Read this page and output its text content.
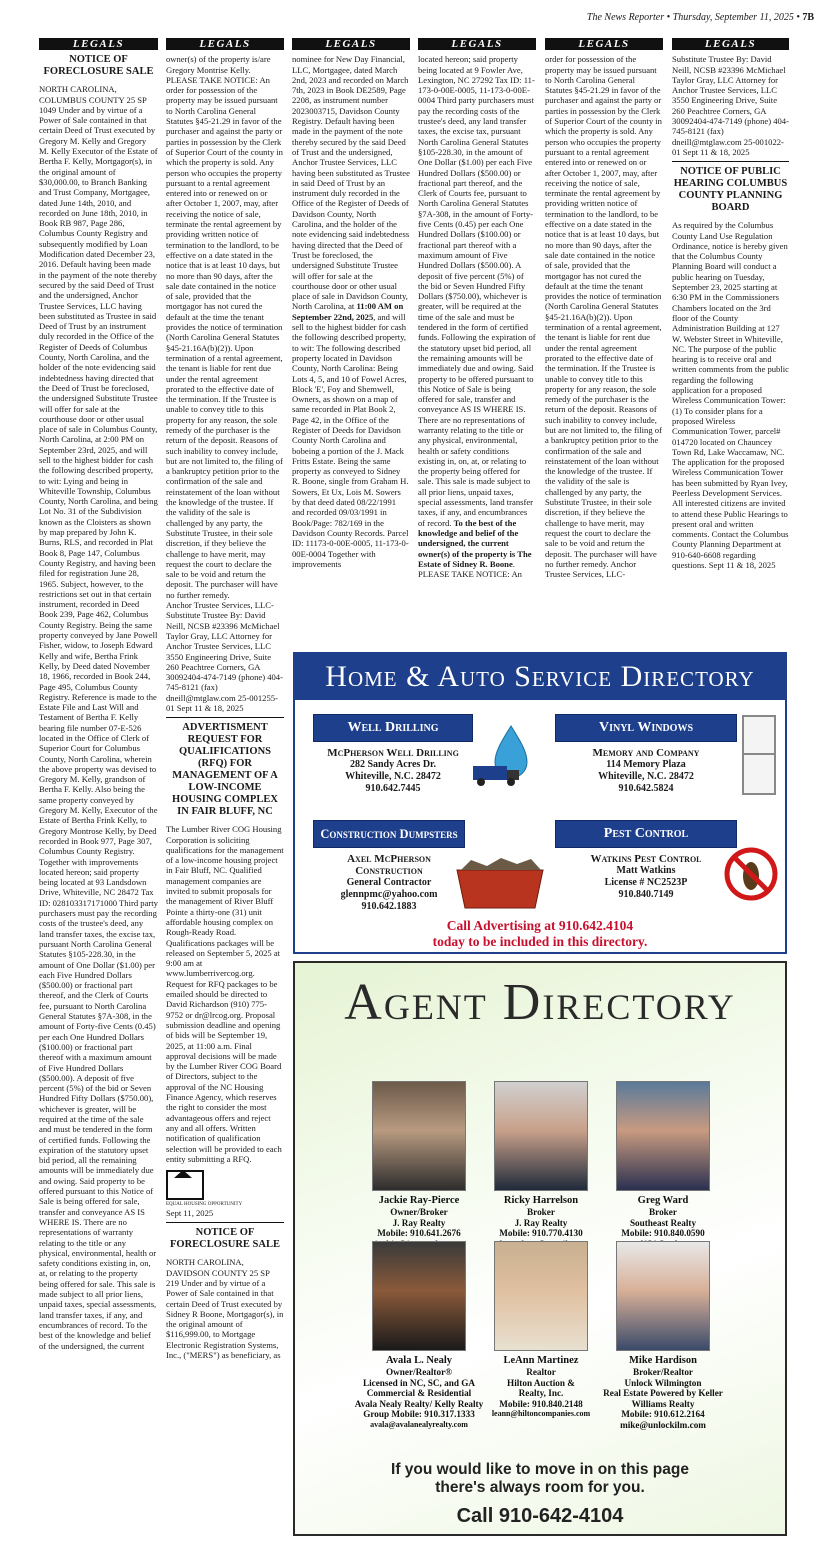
The News Reporter • Thursday, September 11, 2025 • 7B
LEGALS
NOTICE OF FORECLOSURE SALE

NORTH CAROLINA, COLUMBUS COUNTY 25 SP 1049 Under and by virtue of a Power of Sale contained in that certain Deed of Trust executed by Gregory M. Kelly and Gregory M. Kelly Executor of the Estate of Bertha F. Kelly, Mortgagor(s), in the original amount of $30,000.00, to Branch Banking and Trust Company, Mortgagee, dated June 14th, 2010, and recorded on June 18th, 2010, in Book RB 987, Page 286, Columbus County Registry and subsequently modified by Loan Modification dated December 23, 2016. Default having been made in the payment of the note thereby secured by the said Deed of Trust and the undersigned, Anchor Trustee Services, LLC having been substituted as Trustee in said Deed of Trust by an instrument duly recorded in the Office of the Register of Deeds of Columbus County, North Carolina, and the holder of the note evidencing said indebtedness having directed that the Deed of Trust be foreclosed, the undersigned Substitute Trustee will offer for sale at the courthouse door or other usual place of sale in Columbus County, North Carolina, at 2:00 PM on September 23rd, 2025, and will sell to the highest bidder for cash the following described property, to wit: Lying and being in Whiteville Township, Columbus County, North Carolina, and being Lot No. 31 of the Subdivision known as the Cloisters as shown by map prepared by John K. Burns, RLS, and recorded in Plat Book 8, Page 147, Columbus County Registry, and having been filed for registration June 28, 1965. Subject, however, to the restrictions set out in that certain instrument, recorded in Deed Book 239, Page 462, Columbus County Registry. Being the same property conveyed by Jane Powell Fisher, widow, to Joseph Edward Kelly and wife, Bertha Frink Kelly, by Deed dated November 18, 1966, recorded in Book 244, Page 495, Columbus County Registry. Reference is made to the Estate File and Last Will and Testament of Bertha F. Kelly bearing file number 07-E-526 located in the Office of Clerk of Superior Court for Columbus County, North Carolina, wherein the above property was devised to Gregory M. Kelly, grandson of Bertha F. Kelly. Also being the same property conveyed by Gregory M. Kelly, Executor of the Estate of Bertha Frink Kelly, to Gregory Montrose Kelly, by Deed recorded in Book 977, Page 307, Columbus County Registry. Together with improvements located hereon; said property being located at 93 Landsdown Drive, Whiteville, NC 28472 Tax ID: 028103317171000 Third party purchasers must pay the recording costs of the trustee's deed, any land transfer taxes, the excise tax, pursuant North Carolina General Statutes §105-228.30, in the amount of One Dollar ($1.00) per each Five Hundred Dollars ($500.00) or fractional part thereof, and the Clerk of Courts fee, pursuant to North Carolina General Statutes §7A-308, in the amount of Forty-five Cents (0.45) per each One Hundred Dollars ($100.00) or fractional part thereof with a maximum amount of Five Hundred Dollars ($500.00). A deposit of five percent (5%) of the bid or Seven Hundred Fifty Dollars ($750.00), whichever is greater, will be required at the time of the sale and must be tendered in the form of certified funds. Following the expiration of the statutory upset bid period, all the remaining amounts will be immediately due and owing. Said property to be offered pursuant to this Notice of Sale is being offered for sale, transfer and conveyance AS IS WHERE IS. There are no representations of warranty relating to the title or any physical, environmental, health or safety conditions existing in, on, at, or relating to the property being offered for sale. This sale is made subject to all prior liens, unpaid taxes, special assessments, land transfer taxes, if any, and encumbrances of record. To the best of the knowledge and belief of the undersigned, the current

LEGALS

owner(s) of the property is/are Gregory Montrise Kelly. PLEASE TAKE NOTICE: An order for possession of the property may be issued pursuant to North Carolina General Statutes §45-21.29 in favor of the purchaser and against the party or parties in possession by the Clerk of Superior Court of the county in which the property is sold. Any person who occupies the property pursuant to a rental agreement entered into or renewed on or after October 1, 2007, may, after receiving the notice of sale, terminate the rental agreement by providing written notice of termination to the landlord, to be effective on a date stated in the notice that is at least 10 days, but no more than 90 days, after the sale date contained in the notice of sale, provided that the mortgagor has not cured the default at the time the tenant provides the notice of termination (North Carolina General Statutes §45-21.16A(b)(2)). Upon termination of a rental agreement, the tenant is liable for rent due under the rental agreement prorated to the effective date of the termination. If the Trustee is unable to convey title to this property for any reason, the sole remedy of the purchaser is the return of the deposit. Reasons of such inability to convey include, but are not limited to, the filing of a bankruptcy petition prior to the confirmation of the sale and reinstatement of the loan without the knowledge of the trustee. If the validity of the sale is challenged by any party, the Substitute Trustee, in their sole discretion, if they believe the challenge to have merit, may request the court to declare the sale to be void and return the deposit. The purchaser will have no further remedy.

Anchor Trustee Services, LLC- Substitute Trustee By: David Neill, NCSB #23396 McMichael Taylor Gray, LLC Attorney for Anchor Trustee Services, LLC 3550 Engineering Drive, Suite 260 Peachtree Corners, GA 30092404-474-7149 (phone) 404-745-8121 (fax) dneill@mtglaw.com 25-001255-01 Sept 11 & 18, 2025

ADVERTISMENT REQUEST FOR QUALIFICATIONS (RFQ) FOR MANAGEMENT OF A LOW-INCOME HOUSING COMPLEX IN FAIR BLUFF, NC

The Lumber River COG Housing Corporation is soliciting qualifications for the management of a low-income housing project in Fair Bluff, NC. Qualified management companies are invited to submit proposals for the management of River Bluff Pointe a thirty-one (31) unit affordable housing complex on Rough-Ready Road. Qualifications packages will be released on September 5, 2025 at 9:00 am at www.lumberrivercog.org. Request for RFQ packages to be emailed should be directed to David Richardson (910) 775-9752 or dr@lrcog.org. Proposal submission deadline and opening of bids will be September 19, 2025, at 11:00 a.m. Final approval decisions will be made by the Lumber River COG Board of Directors, subject to the approval of the NC Housing Finance Agency, which reserves the right to consider the most advantageous offers and reject any and all offers. Written notification of qualification selection will be provided to each entity submitting a RFQ.

EQUAL HOUSING OPPORTUNITY

Sept 11, 2025

NOTICE OF FORECLOSURE SALE

NORTH CAROLINA, DAVIDSON COUNTY 25 SP 219 Under and by virtue of a Power of Sale contained in that certain Deed of Trust executed by Sidney R Boone, Mortgagor(s), in the original amount of $116,999.00, to Mortgage Electronic Registration Systems, Inc., ("MERS") as beneficiary, as

LEGALS

nominee for New Day Financial, LLC, Mortgagee, dated March 2nd, 2023 and recorded on March 7th, 2023 in Book DE2589, Page 2208, as instrument number 2023003715, Davidson County Registry. Default having been made in the payment of the note thereby secured by the said Deed of Trust and the undersigned, Anchor Trustee Services, LLC having been substituted as Trustee in said Deed of Trust by an instrument duly recorded in the Office of the Register of Deeds of Davidson County, North Carolina, and the holder of the note evidencing said indebtedness having directed that the Deed of Trust be foreclosed, the undersigned Substitute Trustee will offer for sale at the courthouse door or other usual place of sale in Davidson County, North Carolina, at 11:00 AM on September 22nd, 2025, and will sell to the highest bidder for cash the following described property, to wit: The following described property located in Davidson County, North Carolina: Being Lots 4, 5, and 10 of Fowel Acres, Block 'E', Foy and Shemwell, Owners, as shown on a map of same recorded in Plat Book 2, Page 42, in the Office of the Register of Deeds for Davidson County North Carolina and bobeing a portion of the J. Mack Fritts Estate. Being the same property as conveyed to Sidney R. Boone, single from Graham H. Sowers, Et Ux, Lois M. Sowers by that deed dated 08/22/1991 and recorded 09/03/1991 in Book/Page: 782/169 in the Davidson County Records. Parcel ID: 11173-0-00E-0005, 11-173-0-00E-0004 Together with improvements

LEGALS

located hereon; said property being located at 9 Fowler Ave, Lexington, NC 27292 Tax ID: 11-173-0-00E-0005, 11-173-0-00E-0004 Third party purchasers must pay the recording costs of the trustee's deed, any land transfer taxes, the excise tax, pursuant North Carolina General Statutes §105-228.30, in the amount of One Dollar ($1.00) per each Five Hundred Dollars ($500.00) or fractional part thereof, and the Clerk of Courts fee, pursuant to North Carolina General Statutes §7A-308, in the amount of Forty-five Cents (0.45) per each One Hundred Dollars ($100.00) or fractional part thereof with a maximum amount of Five Hundred Dollars ($500.00). A deposit of five percent (5%) of the bid or Seven Hundred Fifty Dollars ($750.00), whichever is greater, will be required at the time of the sale and must be tendered in the form of certified funds. Following the expiration of the statutory upset bid period, all the remaining amounts will be immediately due and owing. Said property to be offered pursuant to this Notice of Sale is being offered for sale, transfer and conveyance AS IS WHERE IS. There are no representations of warranty relating to the title or any physical, environmental, health or safety conditions existing in, on, at, or relating to the property being offered for sale. This sale is made subject to all prior liens, unpaid taxes, special assessments, land transfer taxes, if any, and encumbrances of record. To the best of the knowledge and belief of the undersigned, the current owner(s) of the property is The Estate of Sidney R. Boone. PLEASE TAKE NOTICE: An

LEGALS

order for possession of the property may be issued pursuant to North Carolina General Statutes §45-21.29 in favor of the purchaser and against the party or parties in possession by the Clerk of Superior Court of the county in which the property is sold. Any person who occupies the property pursuant to a rental agreement entered into or renewed on or after October 1, 2007, may, after receiving the notice of sale, terminate the rental agreement by providing written notice of termination to the landlord, to be effective on a date stated in the notice that is at least 10 days, but no more than 90 days, after the sale date contained in the notice of sale, provided that the mortgagor has not cured the default at the time the tenant provides the notice of termination (North Carolina General Statutes §45-21.16A(b)(2)). Upon termination of a rental agreement, the tenant is liable for rent due under the rental agreement prorated to the effective date of the termination. If the Trustee is unable to convey title to this property for any reason, the sole remedy of the purchaser is the return of the deposit. Reasons of such inability to convey include, but are not limited to, the filing of a bankruptcy petition prior to the confirmation of the sale and reinstatement of the loan without the knowledge of the trustee. If the validity of the sale is challenged by any party, the Substitute Trustee, in their sole discretion, if they believe the challenge to have merit, may request the court to declare the sale to be void and return the deposit. The purchaser will have no further remedy. Anchor Trustee Services, LLC-

LEGALS

Substitute Trustee By: David Neill, NCSB #23396 McMichael Taylor Gray, LLC Attorney for Anchor Trustee Services, LLC 3550 Engineering Drive, Suite 260 Peachtree Corners, GA 30092404-474-7149 (phone) 404-745-8121 (fax) dneill@mtglaw.com 25-001022-01 Sept 11 & 18, 2025

NOTICE OF PUBLIC HEARING COLUMBUS COUNTY PLANNING BOARD

As required by the Columbus County Land Use Regulation Ordinance, notice is hereby given that the Columbus County Planning Board will conduct a public hearing on Tuesday, September 23, 2025 starting at 6:30 PM in the Commissioners Chambers located on the 3rd floor of the County Administration Building at 127 W. Webster Street in Whiteville, NC. The purpose of the public hearing is to receive oral and written comments from the public regarding the following application for a proposed Wireless Communication Tower: (1) To consider plans for a proposed Wireless Communication Tower, parcel# 014720 located on Chauncey Town Rd, Lake Waccamaw, NC. The application for the proposed Wireless Communication Tower has been submitted by Ryan Ivey, Peerless Development Services. All interested citizens are invited to attend these Public Hearings to present oral and written comments. Contact the Columbus County Planning Department at 910-640-6608 regarding questions. Sept 11 & 18, 2025

Home & Auto Service Directory
Well Drilling
McPherson Well Drilling
282 Sandy Acres Dr.
Whiteville, N.C. 28472
910.642.7445
Vinyl Windows
Memory and Company
114 Memory Plaza
Whiteville, N.C. 28472
910.642.5824
Construction Dumpsters
Axel McPherson Construction
General Contractor
glennpmc@yahoo.com
910.642.1883
Pest Control
Watkins Pest Control
Matt Watkins
License # NC2523P
910.840.7149
Call Advertising at 910.642.4104
today to be included in this directory.
Agent Directory
Jackie Ray-Pierce
Owner/Broker
J. Ray Realty
Mobile: 910.641.2676
Ricky Harrelson
Broker
J. Ray Realty
Mobile: 910.770.4130
Greg Ward
Broker
Southeast Realty
Mobile: 910.840.0590
Avala L. Nealy
Owner/Realtor®
Licensed in NC, SC, and GA
Commercial & Residential
Avala Nealy Realty/ Kelly Realty Group Mobile: 910.317.1333
avala@avalanealyrealty.com
LeAnn Martinez
Realtor
Hilton Auction &
Realty, Inc.
Mobile: 910.840.2148
leann@hiltoncompanies.com
Mike Hardison
Broker/Realtor
Unlock Wilmington
Real Estate Powered by Keller Williams Realty
Mobile: 910.612.2164
mike@unlockilm.com
If you would like to move in on this page
there's always room for you.
Call 910-642-4104
